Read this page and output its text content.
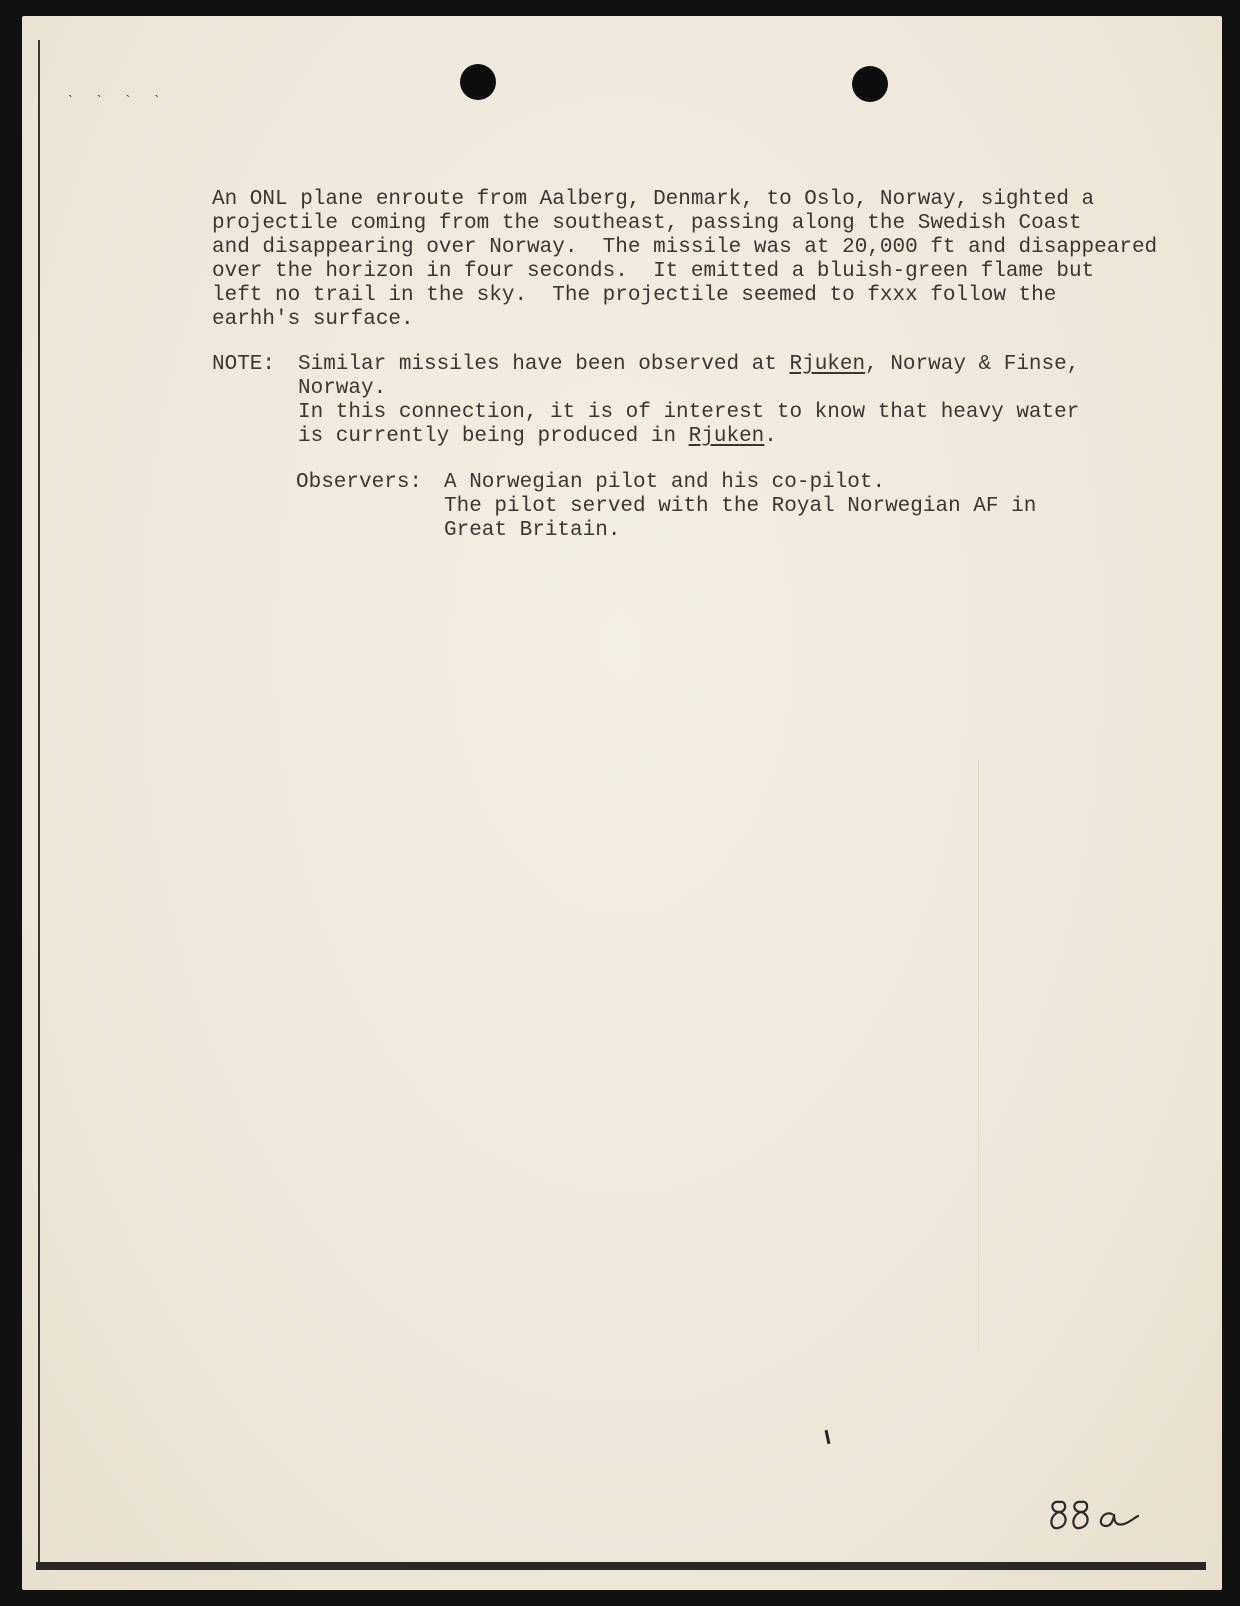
˴ ˴ ˴ ˴
An ONL plane enroute from Aalberg, Denmark, to Oslo, Norway, sighted a
projectile coming from the southeast, passing along the Swedish Coast
and disappearing over Norway.  The missile was at 20,000 ft and disappeared
over the horizon in four seconds.  It emitted a bluish-green flame but
left no trail in the sky.  The projectile seemed to fxxx follow the
earhh's surface.
NOTE: Similar missiles have been observed at Rjuken, Norway & Finse,
Norway.
In this connection, it is of interest to know that heavy water
is currently being produced in Rjuken.
Observers: A Norwegian pilot and his co-pilot.
The pilot served with the Royal Norwegian AF in
Great Britain.
